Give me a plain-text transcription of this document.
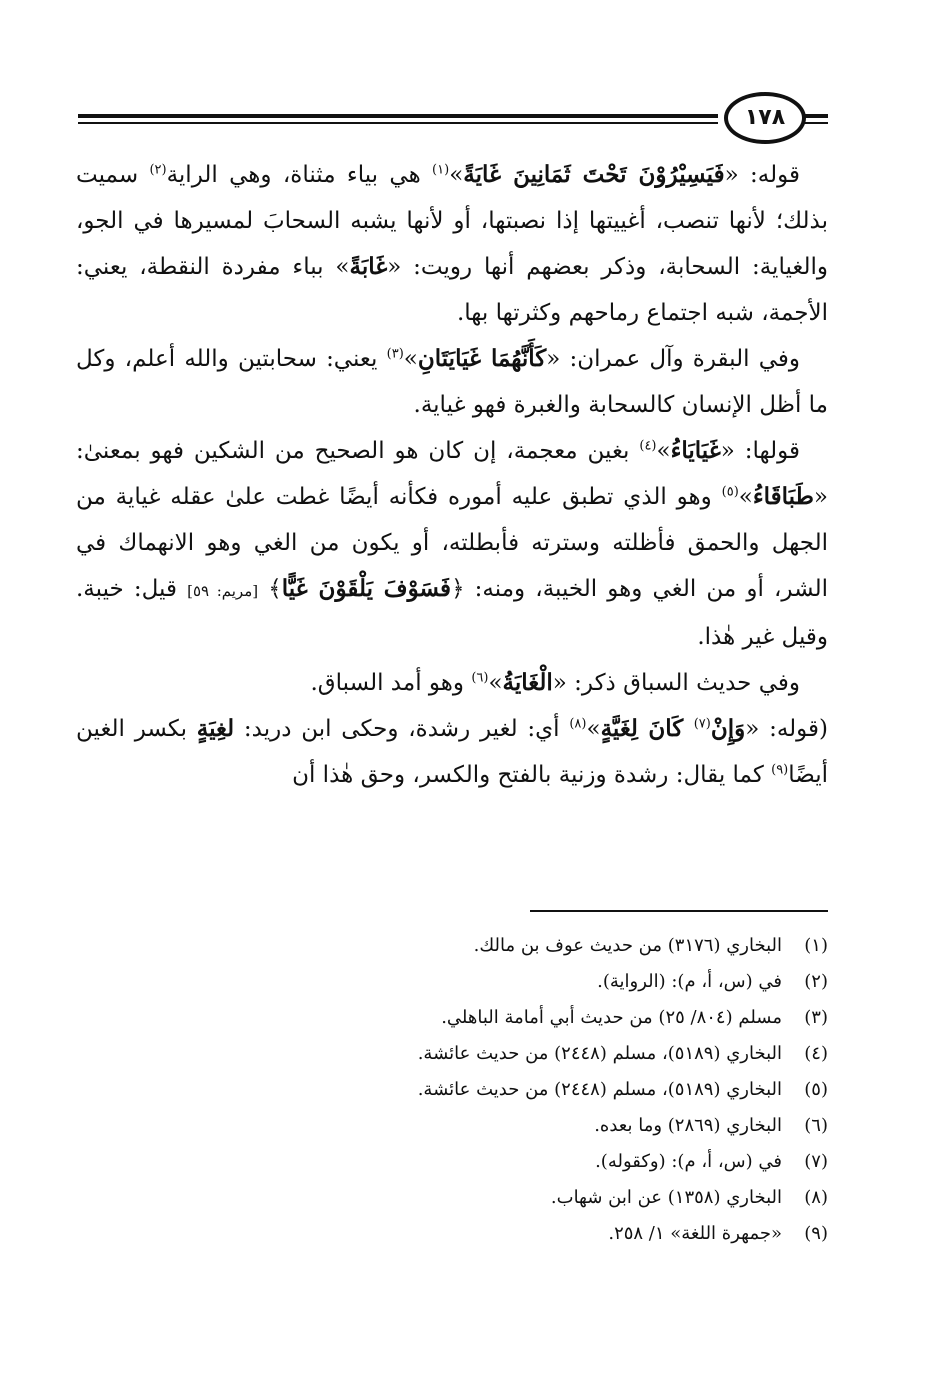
١٧٨

قوله: «فَيَسِيْرُوْنَ تَحْتَ ثَمَانِينَ غَايَةً»$^{(١)}$ هي بياء مثناة، وهي الراية$^{(٢)}$ سميت بذلك؛ لأنها تنصب، أغييتها إذا نصبتها، أو لأنها يشبه السحابَ لمسيرها في الجو، والغياية: السحابة، وذكر بعضهم أنها رويت: «غَابَةً» بباء مفردة النقطة، يعني: الأجمة، شبه اجتماع رماحهم وكثرتها بها.

وفي البقرة وآل عمران: «كَأَنَّهُمَا غَيَايَتَانِ»$^{(٣)}$ يعني: سحابتين والله أعلم، وكل ما أظل الإنسان كالسحابة والغبرة فهو غياية.

قولها: «غَيَايَاءُ»$^{(٤)}$ بغين معجمة، إن كان هو الصحيح من الشكين فهو بمعنىٰ: «طَبَاقَاءُ»$^{(٥)}$ وهو الذي تطبق عليه أموره فكأنه أيضًا غطت علىٰ عقله غياية من الجهل والحمق فأظلته وسترته فأبطلته، أو يكون من الغي وهو الانهماك في الشر، أو من الغي وهو الخيبة، ومنه: ﴿فَسَوْفَ يَلْقَوْنَ غَيًّا﴾ [مريم: ٥٩] قيل: خيبة. وقيل غير هٰذا.

وفي حديث السباق ذكر: «الْغَايَةُ»$^{(٦)}$ وهو أمد السباق.

(قوله: «وَإِنْ$^{(٧)}$ كَانَ لِغَيَّةٍ»$^{(٨)}$ أي: لغير رشدة، وحكى ابن دريد: لغِيَةٍ بكسر الغين أيضًا$^{(٩)}$ كما يقال: رشدة وزنية بالفتح والكسر، وحق هٰذا أن

(١)البخاري (٣١٧٦) من حديث عوف بن مالك.
(٢)في (س، أ، م): (الرواية).
(٣)مسلم (٨٠٤/ ٢٥) من حديث أبي أمامة الباهلي.
(٤)البخاري (٥١٨٩)، مسلم (٢٤٤٨) من حديث عائشة.
(٥)البخاري (٥١٨٩)، مسلم (٢٤٤٨) من حديث عائشة.
(٦)البخاري (٢٨٦٩) وما بعده.
(٧)في (س، أ، م): (وكقوله).
(٨)البخاري (١٣٥٨) عن ابن شهاب.
(٩)«جمهرة اللغة» ١/ ٢٥٨.
